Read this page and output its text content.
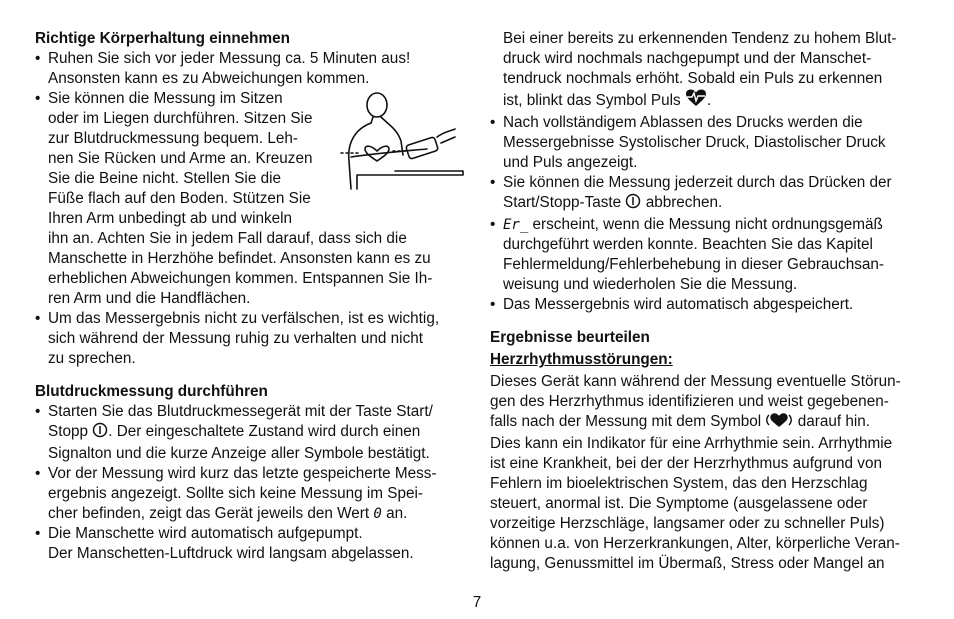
Richtige Körperhaltung einnehmen

• Ruhen Sie sich vor jeder Messung ca. 5 Minuten aus!
Ansonsten kann es zu Abweichungen kommen.
• Sie können die Messung im Sitzen
oder im Liegen durchführen. Sitzen Sie
zur Blutdruckmessung bequem. Leh-
nen Sie Rücken und Arme an. Kreuzen
Sie die Beine nicht. Stellen Sie die
Füße flach auf den Boden. Stützen Sie
Ihren Arm unbedingt ab und winkeln
ihn an. Achten Sie in jedem Fall darauf, dass sich die
Manschette in Herzhöhe befindet. Ansonsten kann es zu
erheblichen Abweichungen kommen. Entspannen Sie Ih-
ren Arm und die Handflächen.
• Um das Messergebnis nicht zu verfälschen, ist es wichtig,
sich während der Messung ruhig zu verhalten und nicht
zu sprechen.

Blutdruckmessung durchführen

• Starten Sie das Blutdruckmessegerät mit der Taste Start/
Stopp . Der eingeschaltete Zustand wird durch einen
Signalton und die kurze Anzeige aller Symbole bestätigt.
• Vor der Messung wird kurz das letzte gespeicherte Mess-
ergebnis angezeigt. Sollte sich keine Messung im Spei-
cher befinden, zeigt das Gerät jeweils den Wert 0 an.
• Die Manschette wird automatisch aufgepumpt.
Der Manschetten-Luftdruck wird langsam abgelassen.

Bei einer bereits zu erkennenden Tendenz zu hohem Blut-
druck wird nochmals nachgepumpt und der Manschet-
tendruck nochmals erhöht. Sobald ein Puls zu erkennen
ist, blinkt das Symbol Puls .

• Nach vollständigem Ablassen des Drucks werden die
Messergebnisse Systolischer Druck, Diastolischer Druck
und Puls angezeigt.
• Sie können die Messung jederzeit durch das Drücken der
Start/Stopp-Taste abbrechen.
• Er_ erscheint, wenn die Messung nicht ordnungsgemäß
durchgeführt werden konnte. Beachten Sie das Kapitel
Fehlermeldung/Fehlerbehebung in dieser Gebrauchsan-
weisung und wiederholen Sie die Messung.
• Das Messergebnis wird automatisch abgespeichert.

Ergebnisse beurteilen

Herzrhythmusstörungen:

Dieses Gerät kann während der Messung eventuelle Störun-
gen des Herzrhythmus identifizieren und weist gegebenen-
falls nach der Messung mit dem Symbol darauf hin.
Dies kann ein Indikator für eine Arrhythmie sein. Arrhythmie
ist eine Krankheit, bei der der Herzrhythmus aufgrund von
Fehlern im bioelektrischen System, das den Herzschlag
steuert, anormal ist. Die Symptome (ausgelassene oder
vorzeitige Herzschläge, langsamer oder zu schneller Puls)
können u.a. von Herzerkrankungen, Alter, körperliche Veran-
lagung, Genussmittel im Übermaß, Stress oder Mangel an

7
